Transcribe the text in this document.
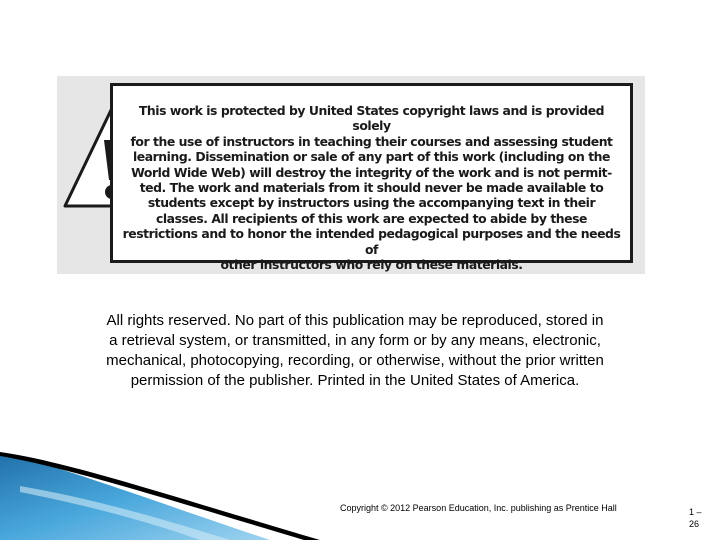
This work is protected by United States copyright laws and is provided solely
for the use of instructors in teaching their courses and assessing student
learning. Dissemination or sale of any part of this work (including on the
World Wide Web) will destroy the integrity of the work and is not permit-
ted. The work and materials from it should never be made available to
students except by instructors using the accompanying text in their
classes. All recipients of this work are expected to abide by these
restrictions and to honor the intended pedagogical purposes and the needs of
other instructors who rely on these materials.

All rights reserved. No part of this publication may be reproduced, stored in
a retrieval system, or transmitted, in any form or by any means, electronic,
mechanical, photocopying, recording, or otherwise, without the prior written
permission of the publisher. Printed in the United States of America.

Copyright © 2012 Pearson Education, Inc. publishing as Prentice Hall	1 –
26
